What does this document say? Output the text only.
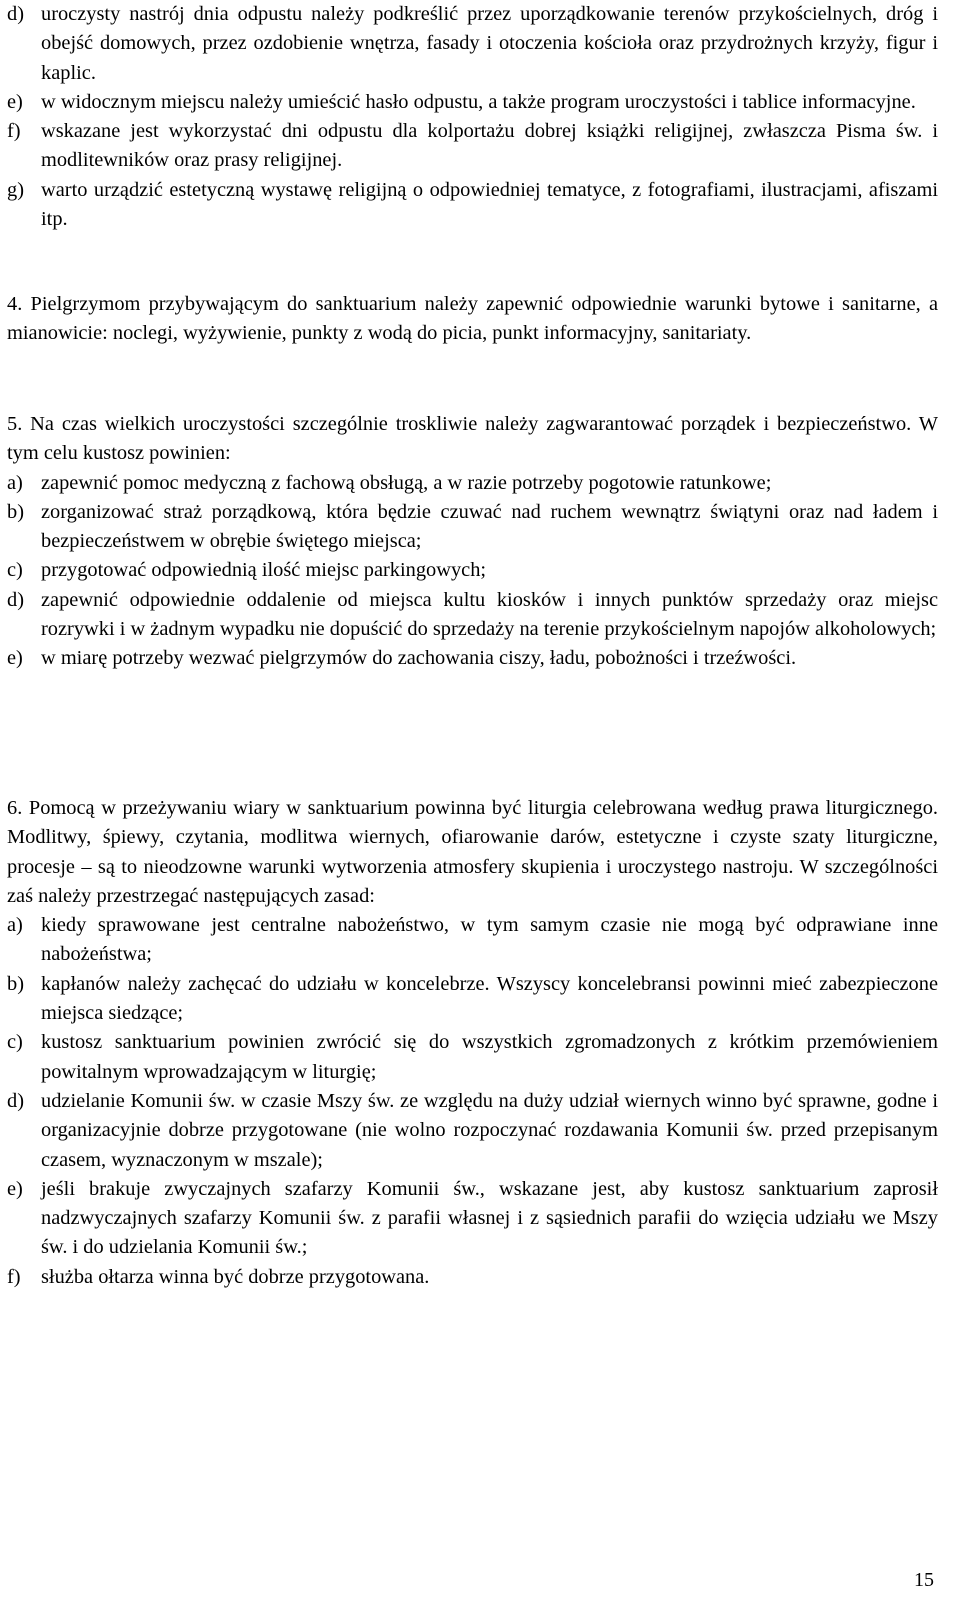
d) uroczysty nastrój dnia odpustu należy podkreślić przez uporządkowanie terenów przykościelnych, dróg i obejść domowych, przez ozdobienie wnętrza, fasady i otoczenia kościoła oraz przydrożnych krzyży, figur i kaplic.
e) w widocznym miejscu należy umieścić hasło odpustu, a także program uroczystości i tablice informacyjne.
f)	wskazane jest wykorzystać dni odpustu dla kolportażu dobrej książki religijnej, zwłaszcza Pisma św. i modlitewników oraz prasy religijnej.
g) warto urządzić estetyczną wystawę religijną o odpowiedniej tematyce, z fotografiami, ilustracjami, afiszami itp.

4. Pielgrzymom przybywającym do sanktuarium należy zapewnić odpowiednie warunki bytowe i sanitarne, a mianowicie: noclegi, wyżywienie, punkty z wodą do picia, punkt informacyjny, sanitariaty.

5. Na czas wielkich uroczystości szczególnie troskliwie należy zagwarantować porządek i bezpieczeństwo. W tym celu kustosz powinien:

a) zapewnić pomoc medyczną z fachową obsługą, a w razie potrzeby pogotowie ratunkowe;
b) zorganizować straż porządkową, która będzie czuwać nad ruchem wewnątrz świątyni oraz nad ładem i bezpieczeństwem w obrębie świętego miejsca;
c) przygotować odpowiednią ilość miejsc parkingowych;
d) zapewnić odpowiednie oddalenie od miejsca kultu kiosków i innych punktów sprzedaży oraz miejsc rozrywki i w żadnym wypadku nie dopuścić do sprzedaży na terenie przykościelnym napojów alkoholowych;
e) w miarę potrzeby wezwać pielgrzymów do zachowania ciszy, ładu, pobożności i trzeźwości.

6. Pomocą w przeżywaniu wiary w sanktuarium powinna być liturgia celebrowana według prawa liturgicznego. Modlitwy, śpiewy, czytania, modlitwa wiernych, ofiarowanie darów, estetyczne i czyste szaty liturgiczne, procesje – są to nieodzowne warunki wytworzenia atmosfery skupienia i uroczystego nastroju. W szczególności zaś należy przestrzegać następujących zasad:

a) kiedy sprawowane jest centralne nabożeństwo, w tym samym czasie nie mogą być odprawiane inne nabożeństwa;
b) kapłanów należy zachęcać do udziału w koncelebrze. Wszyscy koncelebransi powinni mieć zabezpieczone miejsca siedzące;
c) kustosz sanktuarium powinien zwrócić się do wszystkich zgromadzonych z krótkim przemówieniem powitalnym wprowadzającym w liturgię;
d) udzielanie Komunii św. w czasie Mszy św. ze względu na duży udział wiernych winno być sprawne, godne i organizacyjnie dobrze przygotowane (nie wolno rozpoczynać rozdawania Komunii św. przed przepisanym czasem, wyznaczonym w mszale);
e) jeśli brakuje zwyczajnych szafarzy Komunii św., wskazane jest, aby kustosz sanktuarium zaprosił nadzwyczajnych szafarzy Komunii św. z parafii własnej i z sąsiednich parafii do wzięcia udziału we Mszy św. i do udzielania Komunii św.;
f)	służba ołtarza winna być dobrze przygotowana.
15
